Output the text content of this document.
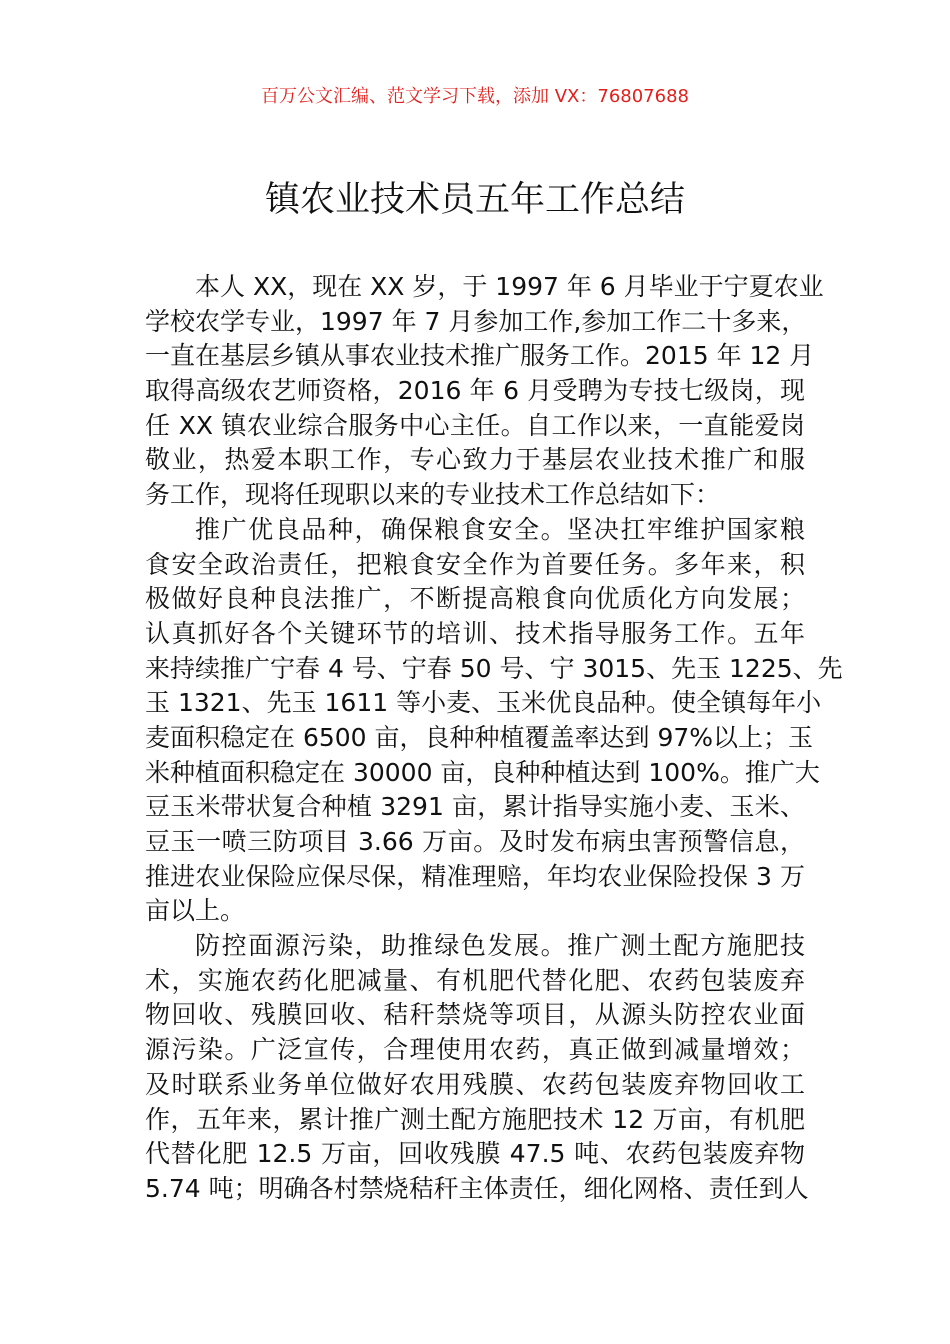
百万公文汇编、范文学习下载，添加 VX：76807688
镇农业技术员五年工作总结
本人 XX，现在 XX 岁，于 1997 年 6 月毕业于宁夏农业
学校农学专业，1997 年 7 月参加工作,参加工作二十多来，
一直在基层乡镇从事农业技术推广服务工作。2015 年 12 月
取得高级农艺师资格，2016 年 6 月受聘为专技七级岗，现
任 XX 镇农业综合服务中心主任。自工作以来，一直能爱岗
敬业，热爱本职工作，专心致力于基层农业技术推广和服
务工作，现将任现职以来的专业技术工作总结如下：
推广优良品种，确保粮食安全。坚决扛牢维护国家粮
食安全政治责任，把粮食安全作为首要任务。多年来，积
极做好良种良法推广，不断提高粮食向优质化方向发展；
认真抓好各个关键环节的培训、技术指导服务工作。五年
来持续推广宁春 4 号、宁春 50 号、宁 3015、先玉 1225、先
玉 1321、先玉 1611 等小麦、玉米优良品种。使全镇每年小
麦面积稳定在 6500 亩，良种种植覆盖率达到 97%以上；玉
米种植面积稳定在 30000 亩，良种种植达到 100%。推广大
豆玉米带状复合种植 3291 亩，累计指导实施小麦、玉米、
豆玉一喷三防项目 3.66 万亩。及时发布病虫害预警信息，
推进农业保险应保尽保，精准理赔，年均农业保险投保 3 万
亩以上。
防控面源污染，助推绿色发展。推广测土配方施肥技
术，实施农药化肥减量、有机肥代替化肥、农药包装废弃
物回收、残膜回收、秸秆禁烧等项目，从源头防控农业面
源污染。广泛宣传，合理使用农药，真正做到减量增效；
及时联系业务单位做好农用残膜、农药包装废弃物回收工
作，五年来，累计推广测土配方施肥技术 12 万亩，有机肥
代替化肥 12.5 万亩，回收残膜 47.5 吨、农药包装废弃物
5.74 吨；明确各村禁烧秸秆主体责任，细化网格、责任到人
